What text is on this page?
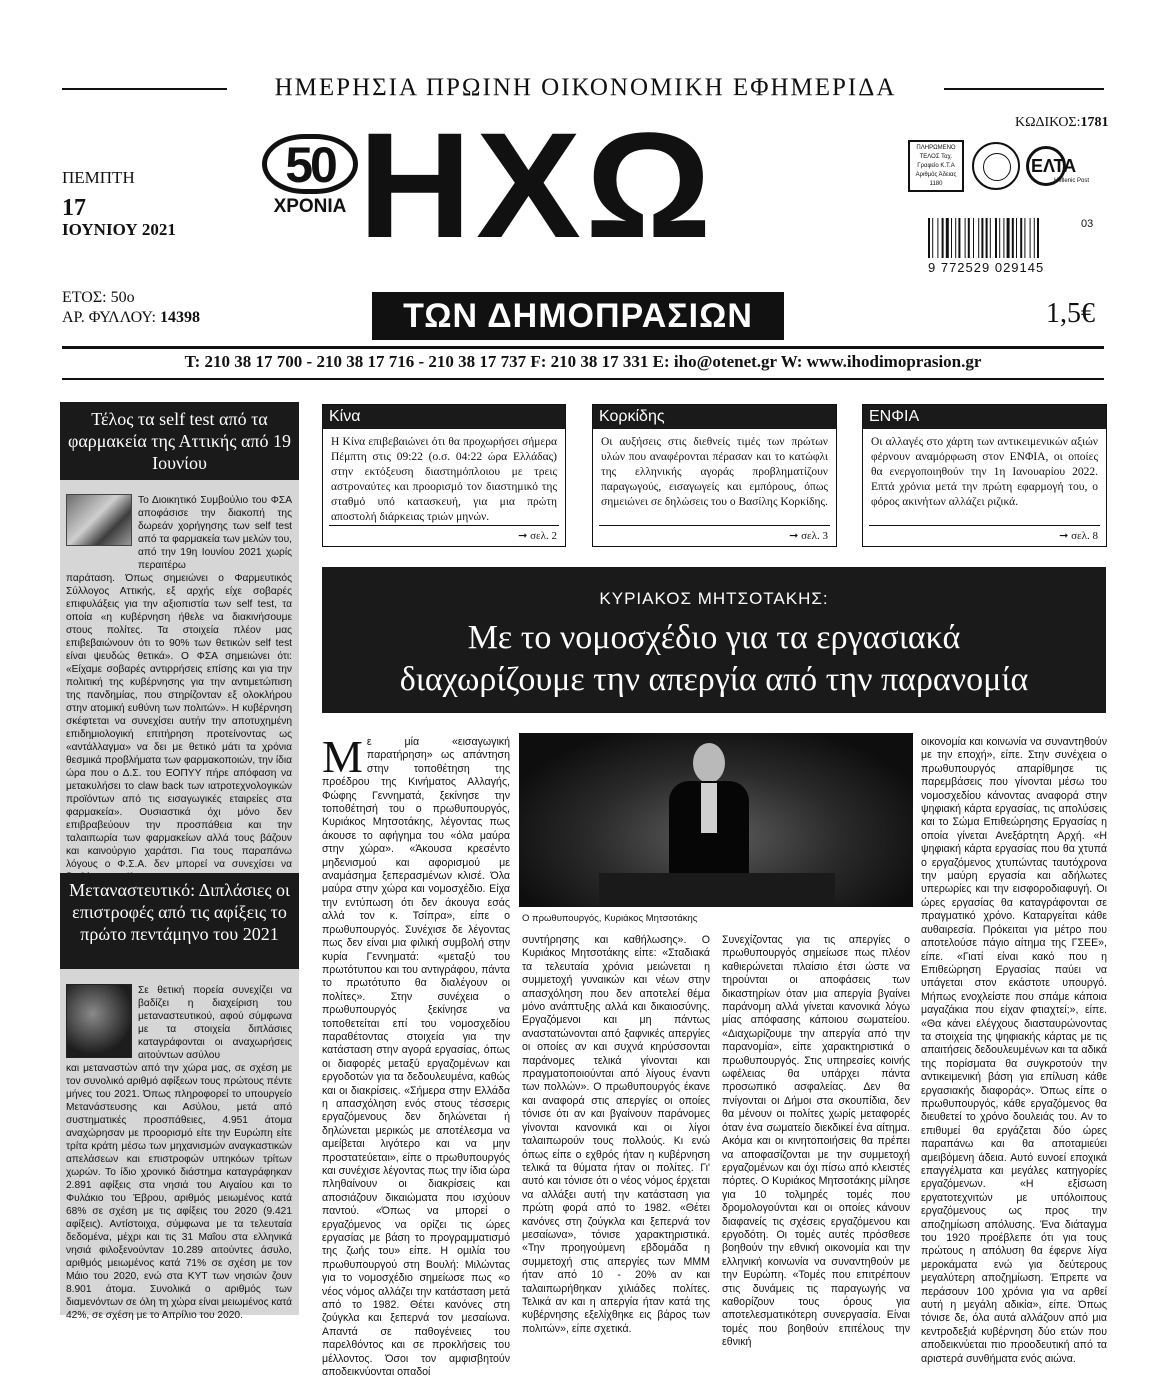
ΗΜΕΡΗΣΙΑ ΠΡΩΙΝΗ ΟΙΚΟΝΟΜΙΚΗ ΕΦΗΜΕΡΙΔΑ
ΠΕΜΠΤΗ
17
ΙΟΥΝΙΟΥ 2021
ΕΤΟΣ: 50ο
ΑΡ. ΦΥΛΛΟΥ: 14398
50
ΧΡΟΝΙΑ ΗΧΩ
ΤΩΝ ΔΗΜΟΠΡΑΣΙΩΝ
ΚΩΔΙΚΟΣ:1781
ΠΛΗΡΩΜΕΝΟ ΤΕΛΟΣ Ταχ. Γραφείο Κ.Τ.Α Αριθμός Άδειας 1180
ΕΛΤΑ
Hellenic Post
03
9 772529 029145
1,5€
T: 210 38 17 700 - 210 38 17 716 - 210 38 17 737 F: 210 38 17 331 E: iho@otenet.gr W: www.ihodimoprasion.gr
Τέλος τα self test από τα φαρμακεία της Αττικής από 19 Ιουνίου
Το Διοικητικό Συμβούλιο του ΦΣΑ αποφάσισε την διακοπή της δωρεάν χορήγησης των self test από τα φαρμακεία των μελών του, από την 19η Ιουνίου 2021 χωρίς περαιτέρω
παράταση. Όπως σημειώνει ο Φαρμευτικός Σύλλογος Αττικής, εξ αρχής είχε σοβαρές επιφυλάξεις για την αξιοπιστία των self test, τα οποία «η κυβέρνηση ήθελε να διακινήσουμε στους πολίτες. Τα στοιχεία πλέον μας επιβεβαιώνουν ότι το 90% των θετικών self test είναι ψευδώς θετικά». Ο ΦΣΑ σημειώνει ότι: «Είχαμε σοβαρές αντιρρήσεις επίσης και για την πολιτική της κυβέρνησης για την αντιμετώπιση της πανδημίας, που στηρίζονταν εξ ολοκλήρου στην ατομική ευθύνη των πολιτών». Η κυβέρνηση σκέφτεται να συνεχίσει αυτήν την αποτυχημένη επιδημιολογική επιτήρηση προτείνοντας ως «αντάλλαγμα» να δει με θετικό μάτι τα χρόνια θεσμικά προβλήματα των φαρμακοποιών, την ίδια ώρα που ο Δ.Σ. του ΕΟΠΥΥ πήρε απόφαση να μετακυλήσει το claw back των ιατροτεχνολογικών προϊόντων από τις εισαγωγικές εταιρείες στα φαρμακεία». Ουσιαστικά όχι μόνο δεν επιβραβεύουν την προσπάθεια και την ταλαιπωρία των φαρμακείων αλλά τους βάζουν και καινούργιο χαράτσι. Για τους παραπάνω λόγους ο Φ.Σ.Α. δεν μπορεί να συνεχίσει να
Μεταναστευτικό: Διπλάσιες οι επιστροφές από τις αφίξεις το πρώτο πεντάμηνο του 2021
Σε θετική πορεία συνεχίζει να βαδίζει η διαχείριση του μεταναστευτικού, αφού σύμφωνα με τα στοιχεία διπλάσιες καταγράφονται οι αναχωρήσεις αιτούντων ασύλου
και μεταναστών από την χώρα μας, σε σχέση με τον συνολικό αριθμό αφίξεων τους πρώτους πέντε μήνες του 2021. Όπως πληροφορεί το υπουργείο Μετανάστευσης και Ασύλου, μετά από συστηματικές προσπάθειες, 4.951 άτομα αναχώρησαν με προορισμό είτε την Ευρώπη είτε τρίτα κράτη μέσω των μηχανισμών αναγκαστικών απελάσεων και επιστροφών υπηκόων τρίτων χωρών. Το ίδιο χρονικό διάστημα καταγράφηκαν 2.891 αφίξεις στα νησιά του Αιγαίου και το Φυλάκιο του Έβρου, αριθμός μειωμένος κατά 68% σε σχέση με τις αφίξεις του 2020 (9.421 αφίξεις). Αντίστοιχα, σύμφωνα με τα τελευταία δεδομένα, μέχρι και τις 31 Μαΐου στα ελληνικά νησιά φιλοξενούνταν 10.289 αιτούντες άσυλο, αριθμός μειωμένος κατά 71% σε σχέση με τον Μάιο του 2020, ενώ στα ΚΥΤ των νησιών ζουν 8.901 άτομα. Συνολικά ο αριθμός των διαμενόντων σε όλη τη χώρα είναι μειωμένος κατά 42%, σε σχέση με το Απρίλιο του 2020.
Κίνα
Η Κίνα επιβεβαιώνει ότι θα προχωρήσει σήμερα Πέμπτη στις 09:22 (ο.σ. 04:22 ώρα Ελλάδας) στην εκτόξευση διαστημόπλοιου με τρεις αστροναύτες και προορισμό τον διαστημικό της σταθμό υπό κατασκευή, για μια πρώτη αποστολή διάρκειας τριών μηνών.
➞ σελ. 2
Κορκίδης
Οι αυξήσεις στις διεθνείς τιμές των πρώτων υλών που αναφέρονται πέρασαν και το κατώφλι της ελληνικής αγοράς προβληματίζουν παραγωγούς, εισαγωγείς και εμπόρους, όπως σημειώνει σε δηλώσεις του ο Βασίλης Κορκίδης.
➞ σελ. 3
ΕΝΦΙΑ
Οι αλλαγές στο χάρτη των αντικειμενικών αξιών φέρνουν αναμόρφωση στον ΕΝΦΙΑ, οι οποίες θα ενεργοποιηθούν την 1η Ιανουαρίου 2022. Επτά χρόνια μετά την πρώτη εφαρμογή του, ο φόρος ακινήτων αλλάζει ριζικά.
➞ σελ. 8
ΚΥΡΙΑΚΟΣ ΜΗΤΣΟΤΑΚΗΣ:
Με το νομοσχέδιο για τα εργασιακά
διαχωρίζουμε την απεργία από την παρανομία
Ο πρωθυπουργός, Κυριάκος Μητσοτάκης
Με μία «εισαγωγική παρατήρηση» ως απάντηση στην τοποθέτηση της προέδρου της Κινήματος Αλλαγής, Φώφης Γεννηματά, ξεκίνησε την τοποθέτησή του ο πρωθυπουργός, Κυριάκος Μητσοτάκης, λέγοντας πως άκουσε το αφήγημα του «όλα μαύρα στην χώρα». «Άκουσα κρεσέντο μηδενισμού και αφορισμού με αναμάσημα ξεπερασμένων κλισέ. Όλα μαύρα στην χώρα και νομοσχέδιο. Είχα την εντύπωση ότι δεν άκουγα εσάς αλλά τον κ. Τσίπρα», είπε ο πρωθυπουργός. Συνέχισε δε λέγοντας πως δεν είναι μια φιλική συμβολή στην κυρία Γεννηματά: «μεταξύ του πρωτότυπου και του αντιγράφου, πάντα το πρωτότυπο θα διαλέγουν οι πολίτες». Στην συνέχεια ο πρωθυπουργός ξεκίνησε να τοποθετείται επί του νομοσχεδίου παραθέτοντας στοιχεία για την κατάσταση στην αγορά εργασίας, όπως οι διαφορές μεταξύ εργαζομένων και εργοδοτών για τα δεδουλευμένα, καθώς και οι διακρίσεις. «Σήμερα στην Ελλάδα η απασχόληση ενός στους τέσσερις εργαζόμενους δεν δηλώνεται ή δηλώνεται μερικώς με αποτέλεσμα να αμείβεται λιγότερο και να μην προστατεύεται», είπε ο πρωθυπουργός και συνέχισε λέγοντας πως την ίδια ώρα πληθαίνουν οι διακρίσεις και αποσιάζουν δικαιώματα που ισχύουν παντού. «Όπως να μπορεί ο εργαζόμενος να ορίζει τις ώρες εργασίας με βάση το προγραμματισμό της ζωής του» είπε. Η ομιλία του πρωθυπουργού στη Βουλή: Μιλώντας για το νομοσχέδιο σημείωσε πως «ο νέος νόμος αλλάζει την κατάσταση μετά από το 1982. Θέτει κανόνες στη ζούγκλα και ξεπερνά τον μεσαίωνα. Απαντά σε παθογένειες του παρελθόντος και σε προκλήσεις του μέλλοντος. Όσοι τον αμφισβητούν αποδεικνύονται οπαδοί
συντήρησης και καθήλωσης». Ο Κυριάκος Μητσοτάκης είπε: «Σταδιακά τα τελευταία χρόνια μειώνεται η συμμετοχή γυναικών και νέων στην απασχόληση που δεν αποτελεί θέμα μόνο ανάπτυξης αλλά και δικαιοσύνης. Εργαζόμενοι και μη πάντως αναστατώνονται από ξαφνικές απεργίες οι οποίες αν και συχνά κηρύσσονται παράνομες τελικά γίνονται και πραγματοποιούνται από λίγους έναντι των πολλών». Ο πρωθυπουργός έκανε και αναφορά στις απεργίες οι οποίες τόνισε ότι αν και βγαίνουν παράνομες γίνονται κανονικά και οι λίγοι ταλαιπωρούν τους πολλούς. Κι ενώ όπως είπε ο εχθρός ήταν η κυβέρνηση τελικά τα θύματα ήταν οι πολίτες. Γι' αυτό και τόνισε ότι ο νέος νόμος έρχεται να αλλάξει αυτή την κατάσταση για πρώτη φορά από το 1982. «Θέτει κανόνες στη ζούγκλα και ξεπερνά τον μεσαίωνα», τόνισε χαρακτηριστικά. «Την προηγούμενη εβδομάδα η συμμετοχή στις απεργίες των ΜΜΜ ήταν από 10 - 20% αν και ταλαιπωρήθηκαν χιλιάδες πολίτες. Τελικά αν και η απεργία ήταν κατά της κυβέρνησης εξελίχθηκε εις βάρος των πολιτών», είπε σχετικά.
Συνεχίζοντας για τις απεργίες ο πρωθυπουργός σημείωσε πως πλέον καθιερώνεται πλαίσιο έτσι ώστε να τηρούνται οι αποφάσεις των δικαστηρίων όταν μια απεργία βγαίνει παράνομη αλλά γίνεται κανονικά λόγω μίας απόφασης κάποιου σωματείου. «Διαχωρίζουμε την απεργία από την παρανομία», είπε χαρακτηριστικά ο πρωθυπουργός. Στις υπηρεσίες κοινής ωφέλειας θα υπάρχει πάντα προσωπικό ασφαλείας. Δεν θα πνίγονται οι Δήμοι στα σκουπίδια, δεν θα μένουν οι πολίτες χωρίς μεταφορές όταν ένα σωματείο διεκδικεί ένα αίτημα. Ακόμα και οι κινητοποιήσεις θα πρέπει να αποφασίζονται με την συμμετοχή εργαζομένων και όχι πίσω από κλειστές πόρτες. Ο Κυριάκος Μητσοτάκης μίλησε για 10 τολμηρές τομές που δρομολογούνται και οι οποίες κάνουν διαφανείς τις σχέσεις εργαζόμενου και εργοδότη. Οι τομές αυτές πρόσθεσε βοηθούν την εθνική οικονομία και την ελληνική κοινωνία να συναντηθούν με την Ευρώπη. «Τομές που επιτρέπουν στις δυνάμεις τις παραγωγής να καθορίζουν τους όρους για αποτελεσματικότερη συνεργασία. Είναι τομές που βοηθούν επιτέλους την εθνική
οικονομία και κοινωνία να συναντηθούν με την εποχή», είπε. Στην συνέχεια ο πρωθυπουργός απαρίθμησε τις παρεμβάσεις που γίνονται μέσω του νομοσχεδίου κάνοντας αναφορά στην ψηφιακή κάρτα εργασίας, τις απολύσεις και το Σώμα Επιθεώρησης Εργασίας η οποία γίνεται Ανεξάρτητη Αρχή. «Η ψηφιακή κάρτα εργασίας που θα χτυπά ο εργαζόμενος χτυπώντας ταυτόχρονα την μαύρη εργασία και αδήλωτες υπερωρίες και την εισφοροδιαφυγή. Οι ώρες εργασίας θα καταγράφονται σε πραγματικό χρόνο. Καταργείται κάθε αυθαιρεσία. Πρόκειται για μέτρο που αποτελούσε πάγιο αίτημα της ΓΣΕΕ», είπε. «Γιατί είναι κακό που η Επιθεώρηση Εργασίας παύει να υπάγεται στον εκάστοτε υπουργό. Μήπως ενοχλείστε που σπάμε κάποια μαγαζάκια που είχαν φτιαχτεί;», είπε. «Θα κάνει ελέγχους διασταυρώνοντας τα στοιχεία της ψηφιακής κάρτας με τις απαιτήσεις δεδουλευμένων και τα αδικά της πορίσματα θα συγκροτούν την αντικειμενική βάση για επίλυση κάθε εργασιακής διαφοράς». Όπως είπε ο πρωθυπουργός, κάθε εργαζόμενος θα διευθετεί το χρόνο δουλειάς του. Αν το επιθυμεί θα εργάζεται δύο ώρες παραπάνω και θα αποταμιεύει αμειβόμενη άδεια. Αυτό ευνοεί εποχικά επαγγέλματα και μεγάλες κατηγορίες εργαζόμενων. «Η εξίσωση εργατοτεχνιτών με υπόλοιπους εργαζόμενους ως προς την αποζημίωση απόλυσης. Ένα διάταγμα του 1920 προέβλεπε ότι για τους πρώτους η απόλυση θα έφερνε λίγα μεροκάματα ενώ για δεύτερους μεγαλύτερη αποζημίωση. Έπρεπε να περάσουν 100 χρόνια για να αρθεί αυτή η μεγάλη αδικία», είπε. Όπως τόνισε δε, όλα αυτά αλλάζουν από μια κεντροδεξιά κυβέρνηση δύο ετών που αποδεικνύεται πιο προοδευτική από τα αριστερά συνθήματα ενός αιώνα.
